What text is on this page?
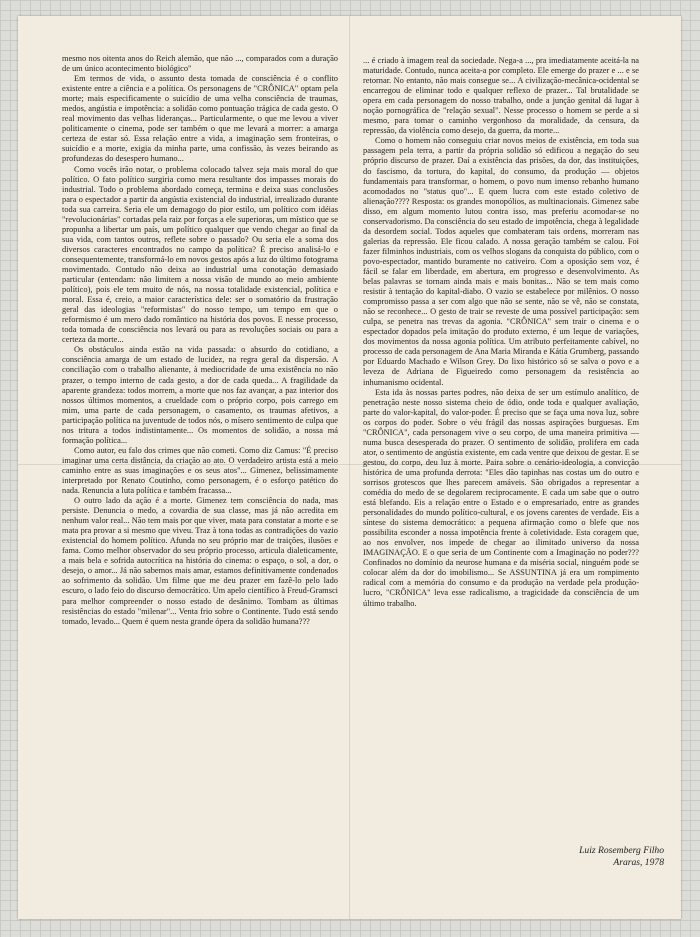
mesmo nos oitenta anos do Reich alemão, que não ..., comparados com a duração de um único acontecimento biológico"

Em termos de vida, o assunto desta tomada de consciência é o conflito existente entre a ciência e a política. Os personagens de "CRÔNICA" optam pela morte; mais especificamente o suicídio de uma velha consciência de traumas, medos, angústia e impotência: a solidão como pontuação trágica de cada gesto. O real movimento das velhas lideranças... Particularmente, o que me levou a viver politicamente o cinema, pode ser também o que me levará a morrer: a amarga certeza de estar só. Essa relação entre a vida, a imaginação sem fronteiras, o suicídio e a morte, exigia da minha parte, uma confissão, às vezes beirando as profundezas do desespero humano...

Como vocês irão notar, o problema colocado talvez seja mais moral do que político. O fato político surgiria como mera resultante dos impasses morais do industrial. Todo o problema abordado começa, termina e deixa suas conclusões para o espectador a partir da angústia existencial do industrial, irrealizado durante toda sua carreira. Seria ele um demagogo do pior estilo, um político com idéias "revolucionárias" cortadas pela raiz por forças a ele superioras, um místico que se propunha a libertar um país, um político qualquer que vendo chegar ao final da sua vida, com tantos outros, reflete sobre o passado? Ou seria ele a soma dos diversos caracteres encontrados no campo da política? É preciso analisá-lo e consequentemente, transformá-lo em novos gestos após a luz do último fotograma movimentado. Contudo não deixa ao industrial uma conotação demasiado particular (entendam: não limitem a nossa visão de mundo ao meio ambiente político), pois ele tem muito de nós, na nossa totalidade existencial, política e moral. Essa é, creio, a maior característica dele: ser o somatório da frustração geral das ideologias "reformistas" do nosso tempo, um tempo em que o reformismo é um mero dado romântico na história dos povos. E nesse processo, toda tomada de consciência nos levará ou para as revoluções sociais ou para a certeza da morte...

Os obstáculos ainda estão na vida passada: o absurdo do cotidiano, a consciência amarga de um estado de lucidez, na regra geral da dispersão. A conciliação com o trabalho alienante, à mediocridade de uma existência no não prazer, o tempo interno de cada gesto, a dor de cada queda... A fragilidade da aparente grandeza: todos morrem, a morte que nos faz avançar, a paz interior dos nossos últimos momentos, a crueldade com o próprio corpo, pois carrego em mim, uma parte de cada personagem, o casamento, os traumas afetivos, a participação política na juventude de todos nós, o mísero sentimento de culpa que nos tritura a todos indistintamente... Os momentos de solidão, a nossa má formação política...

Como autor, eu falo dos crimes que não cometi. Como diz Camus: "É preciso imaginar uma certa distância, da criação ao ato. O verdadeiro artista está a meio caminho entre as suas imaginações e os seus atos"... Gimenez, belissimamente interpretado por Renato Coutinho, como personagem, é o esforço patético do nada. Renuncia a luta política e também fracassa...

O outro lado da ação é a morte. Gimenez tem consciência do nada, mas persiste. Denuncia o medo, a covardia de sua classe, mas já não acredita em nenhum valor real... Não tem mais por que viver, mata para constatar a morte e se mata pra provar a si mesmo que viveu. Traz à tona todas as contradições do vazio existencial do homem político. Afunda no seu próprio mar de traições, ilusões e fama. Como melhor observador do seu próprio processo, articula dialeticamente, a mais bela e sofrida autocrítica na história do cinema: o espaço, o sol, a dor, o desejo, o amor... Já não sabemos mais amar, estamos definitivamente condenados ao sofrimento da solidão. Um filme que me deu prazer em fazê-lo pelo lado escuro, o lado feio do discurso democrático. Um apelo científico à Freud-Gramsci para melhor compreender o nosso estado de desânimo. Tombam as últimas resistências do estado "milenar"... Venta frio sobre o Continente. Tudo está sendo tomado, levado... Quem é quem nesta grande ópera da solidão humana???

... é criado à imagem real da sociedade. Nega-a ..., pra imediatamente aceitá-la na maturidade. Contudo, nunca aceita-a por completo. Ele emerge do prazer e ... e se retornar. No entanto, não mais consegue se... A civilização-mecânica-ocidental se encarregou de eliminar todo e qualquer reflexo de prazer... Tal brutalidade se opera em cada personagem do nosso trabalho, onde a junção genital dá lugar à noção pornográfica de "relação sexual". Nesse processo o homem se perde a si mesmo, para tomar o caminho vergonhoso da moralidade, da censura, da repressão, da violência como desejo, da guerra, da morte...

Como o homem não conseguiu criar novos meios de existência, em toda sua passagem pela terra, a partir da própria solidão só edificou a negação do seu próprio discurso de prazer. Daí a existência das prisões, da dor, das instituições, do fascismo, da tortura, do kapital, do consumo, da produção — objetos fundamentais para transformar, o homem, o povo num imenso rebanho humano acomodados no "status quo"... E quem lucra com este estado coletivo de alienação???? Resposta: os grandes monopólios, as multinacionais. Gimenez sabe disso, em algum momento lutou contra isso, mas preferiu acomodar-se no conservadorismo. Da consciência do seu estado de impotência, chega à legalidade da desordem social. Todos aqueles que combateram tais ordens, morreram nas galerias da repressão. Ele ficou calado. A nossa geração também se calou. Foi fazer filminhos industriais, com os velhos slogans da conquista do público, com o povo-espectador, mantido buramente no cativeiro. Com a oposição sem voz, é fácil se falar em liberdade, em abertura, em progresso e desenvolvimento. As belas palavras se tornam ainda mais e mais bonitas... Não se tem mais como resistir à tentação do kapital-diabo. O vazio se estabelece por milênios. O nosso compromisso passa a ser com algo que não se sente, não se vê, não se constata, não se reconhece... O gesto de trair se reveste de uma possível participação: sem culpa, se penetra nas trevas da agonia. "CRÔNICA" sem trair o cinema e o espectador dopados pela imitação do produto externo, é um leque de variações, dos movimentos da nossa agonia política. Um atributo perfeitamente cabível, no processo de cada personagem de Ana Maria Miranda e Kátia Grumberg, passando por Eduardo Machado e Wilson Grey. Do lixo histórico só se salva o povo e a leveza de Adriana de Figueiredo como personagem da resistência ao inhumanismo ocidental.

Esta ida às nossas partes podres, não deixa de ser um estímulo analítico, de penetração neste nosso sistema cheio de ódio, onde toda e qualquer avaliação, parte do valor-kapital, do valor-poder. É preciso que se faça uma nova luz, sobre os corpos do poder. Sobre o véu frágil das nossas aspirações burguesas. Em "CRÔNICA", cada personagem vive o seu corpo, de uma maneira primitiva — numa busca desesperada do prazer. O sentimento de solidão, prolifera em cada ator, o sentimento de angústia existente, em cada ventre que deixou de gestar. E se gestou, do corpo, deu luz à morte. Paira sobre o cenário-ideologia, a convicção histórica de uma profunda derrota: "Eles dão tapinhas nas costas um do outro e sorrisos grotescos que lhes parecem amáveis. São obrigados a representar a comédia do medo de se degolarem reciprocamente. E cada um sabe que o outro está blefando. Eis a relação entre o Estado e o empresariado, entre as grandes personalidades do mundo político-cultural, e os jovens carentes de verdade. Eis a síntese do sistema democrático: a pequena afirmação como o blefe que nos possibilita esconder a nossa impotência frente à coletividade. Esta coragem que, ao nos envolver, nos impede de chegar ao ilimitado universo da nossa IMAGINAÇÃO. E o que seria de um Continente com a Imaginação no poder??? Confinados no domínio da neurose humana e da miséria social, ninguém pode se colocar além da dor do imobilismo... Se ASSUNTINA já era um rompimento radical com a memória do consumo e da produção na verdade pela produção-lucro, "CRÔNICA" leva esse radicalismo, a tragicidade da consciência de um último trabalho.

Luiz Rosemberg Filho
Araras, 1978
